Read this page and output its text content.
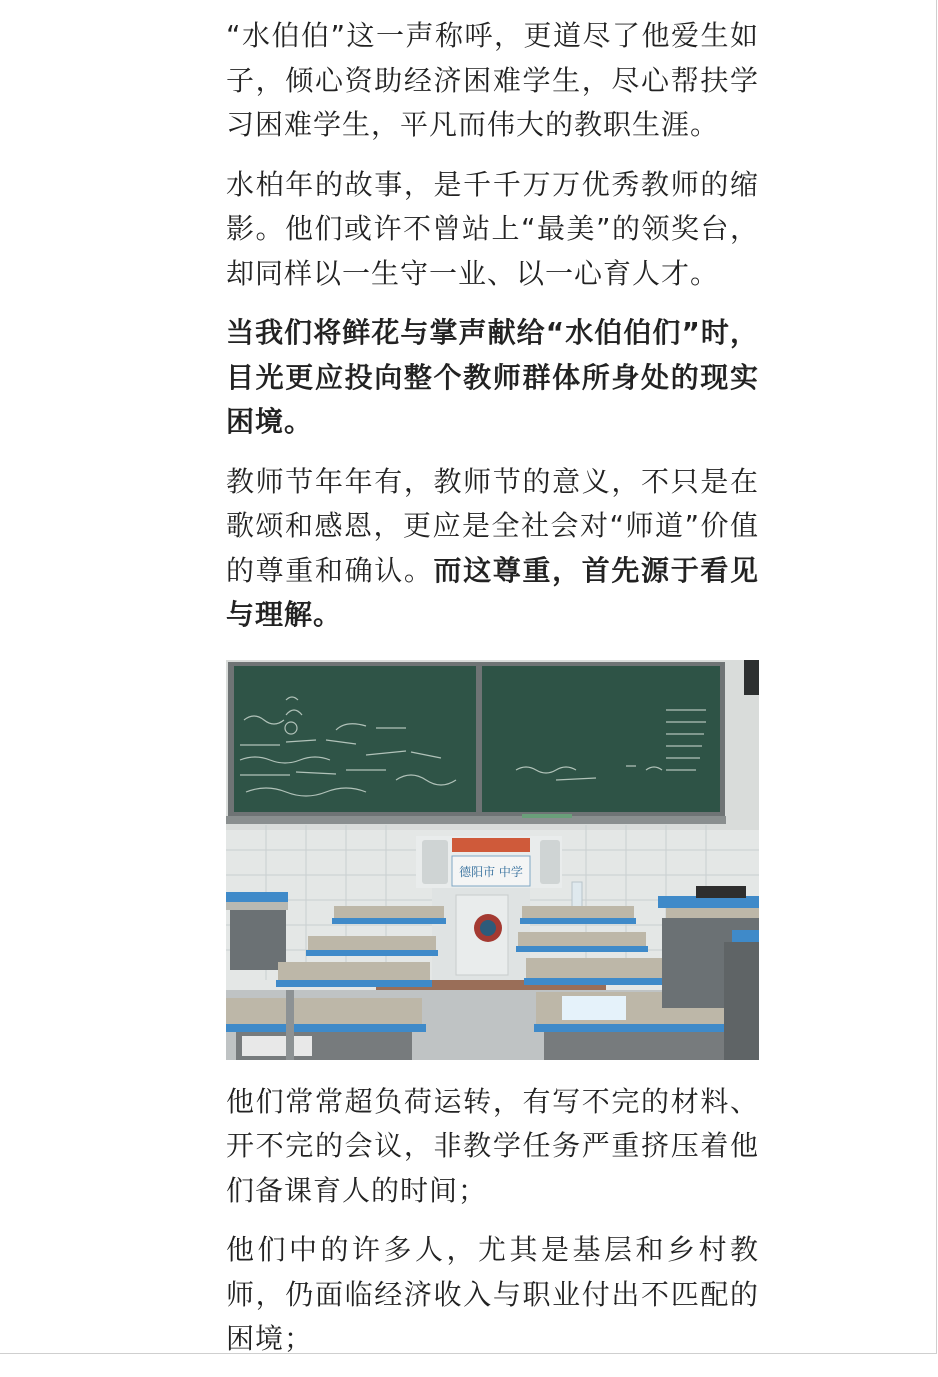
“水伯伯”这一声称呼，更道尽了他爱生如子，倾心资助经济困难学生，尽心帮扶学习困难学生，平凡而伟大的教职生涯。

水柏年的故事，是千千万万优秀教师的缩影。他们或许不曾站上“最美”的领奖台，却同样以一生守一业、以一心育人才。

当我们将鲜花与掌声献给“水伯伯们”时，目光更应投向整个教师群体所身处的现实困境。

教师节年年有，教师节的意义，不只是在歌颂和感恩，更应是全社会对“师道”价值的尊重和确认。而这尊重，首先源于看见与理解。

德阳市 中学

他们常常超负荷运转，有写不完的材料、开不完的会议，非教学任务严重挤压着他们备课育人的时间；

他们中的许多人，尤其是基层和乡村教师，仍面临经济收入与职业付出不匹配的困境；
